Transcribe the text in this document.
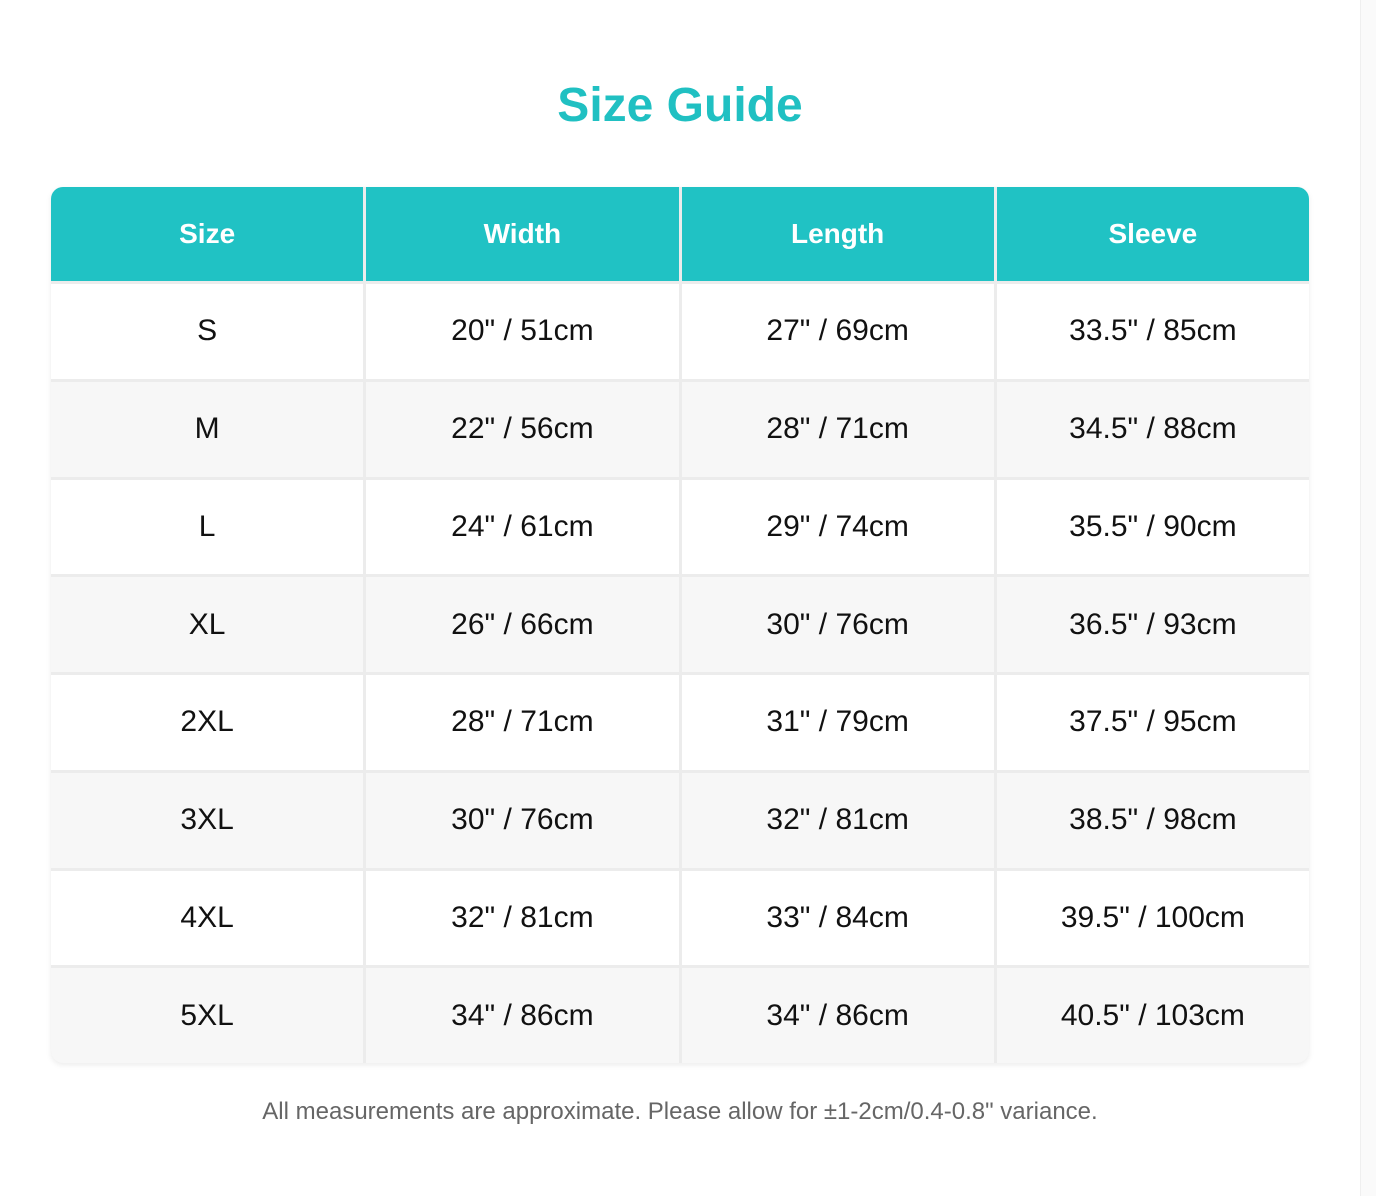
Size Guide
Size	Width	Length	Sleeve
S	20" / 51cm	27" / 69cm	33.5" / 85cm
M	22" / 56cm	28" / 71cm	34.5" / 88cm
L	24" / 61cm	29" / 74cm	35.5" / 90cm
XL	26" / 66cm	30" / 76cm	36.5" / 93cm
2XL	28" / 71cm	31" / 79cm	37.5" / 95cm
3XL	30" / 76cm	32" / 81cm	38.5" / 98cm
4XL	32" / 81cm	33" / 84cm	39.5" / 100cm
5XL	34" / 86cm	34" / 86cm	40.5" / 103cm

All measurements are approximate. Please allow for ±1-2cm/0.4-0.8" variance.
